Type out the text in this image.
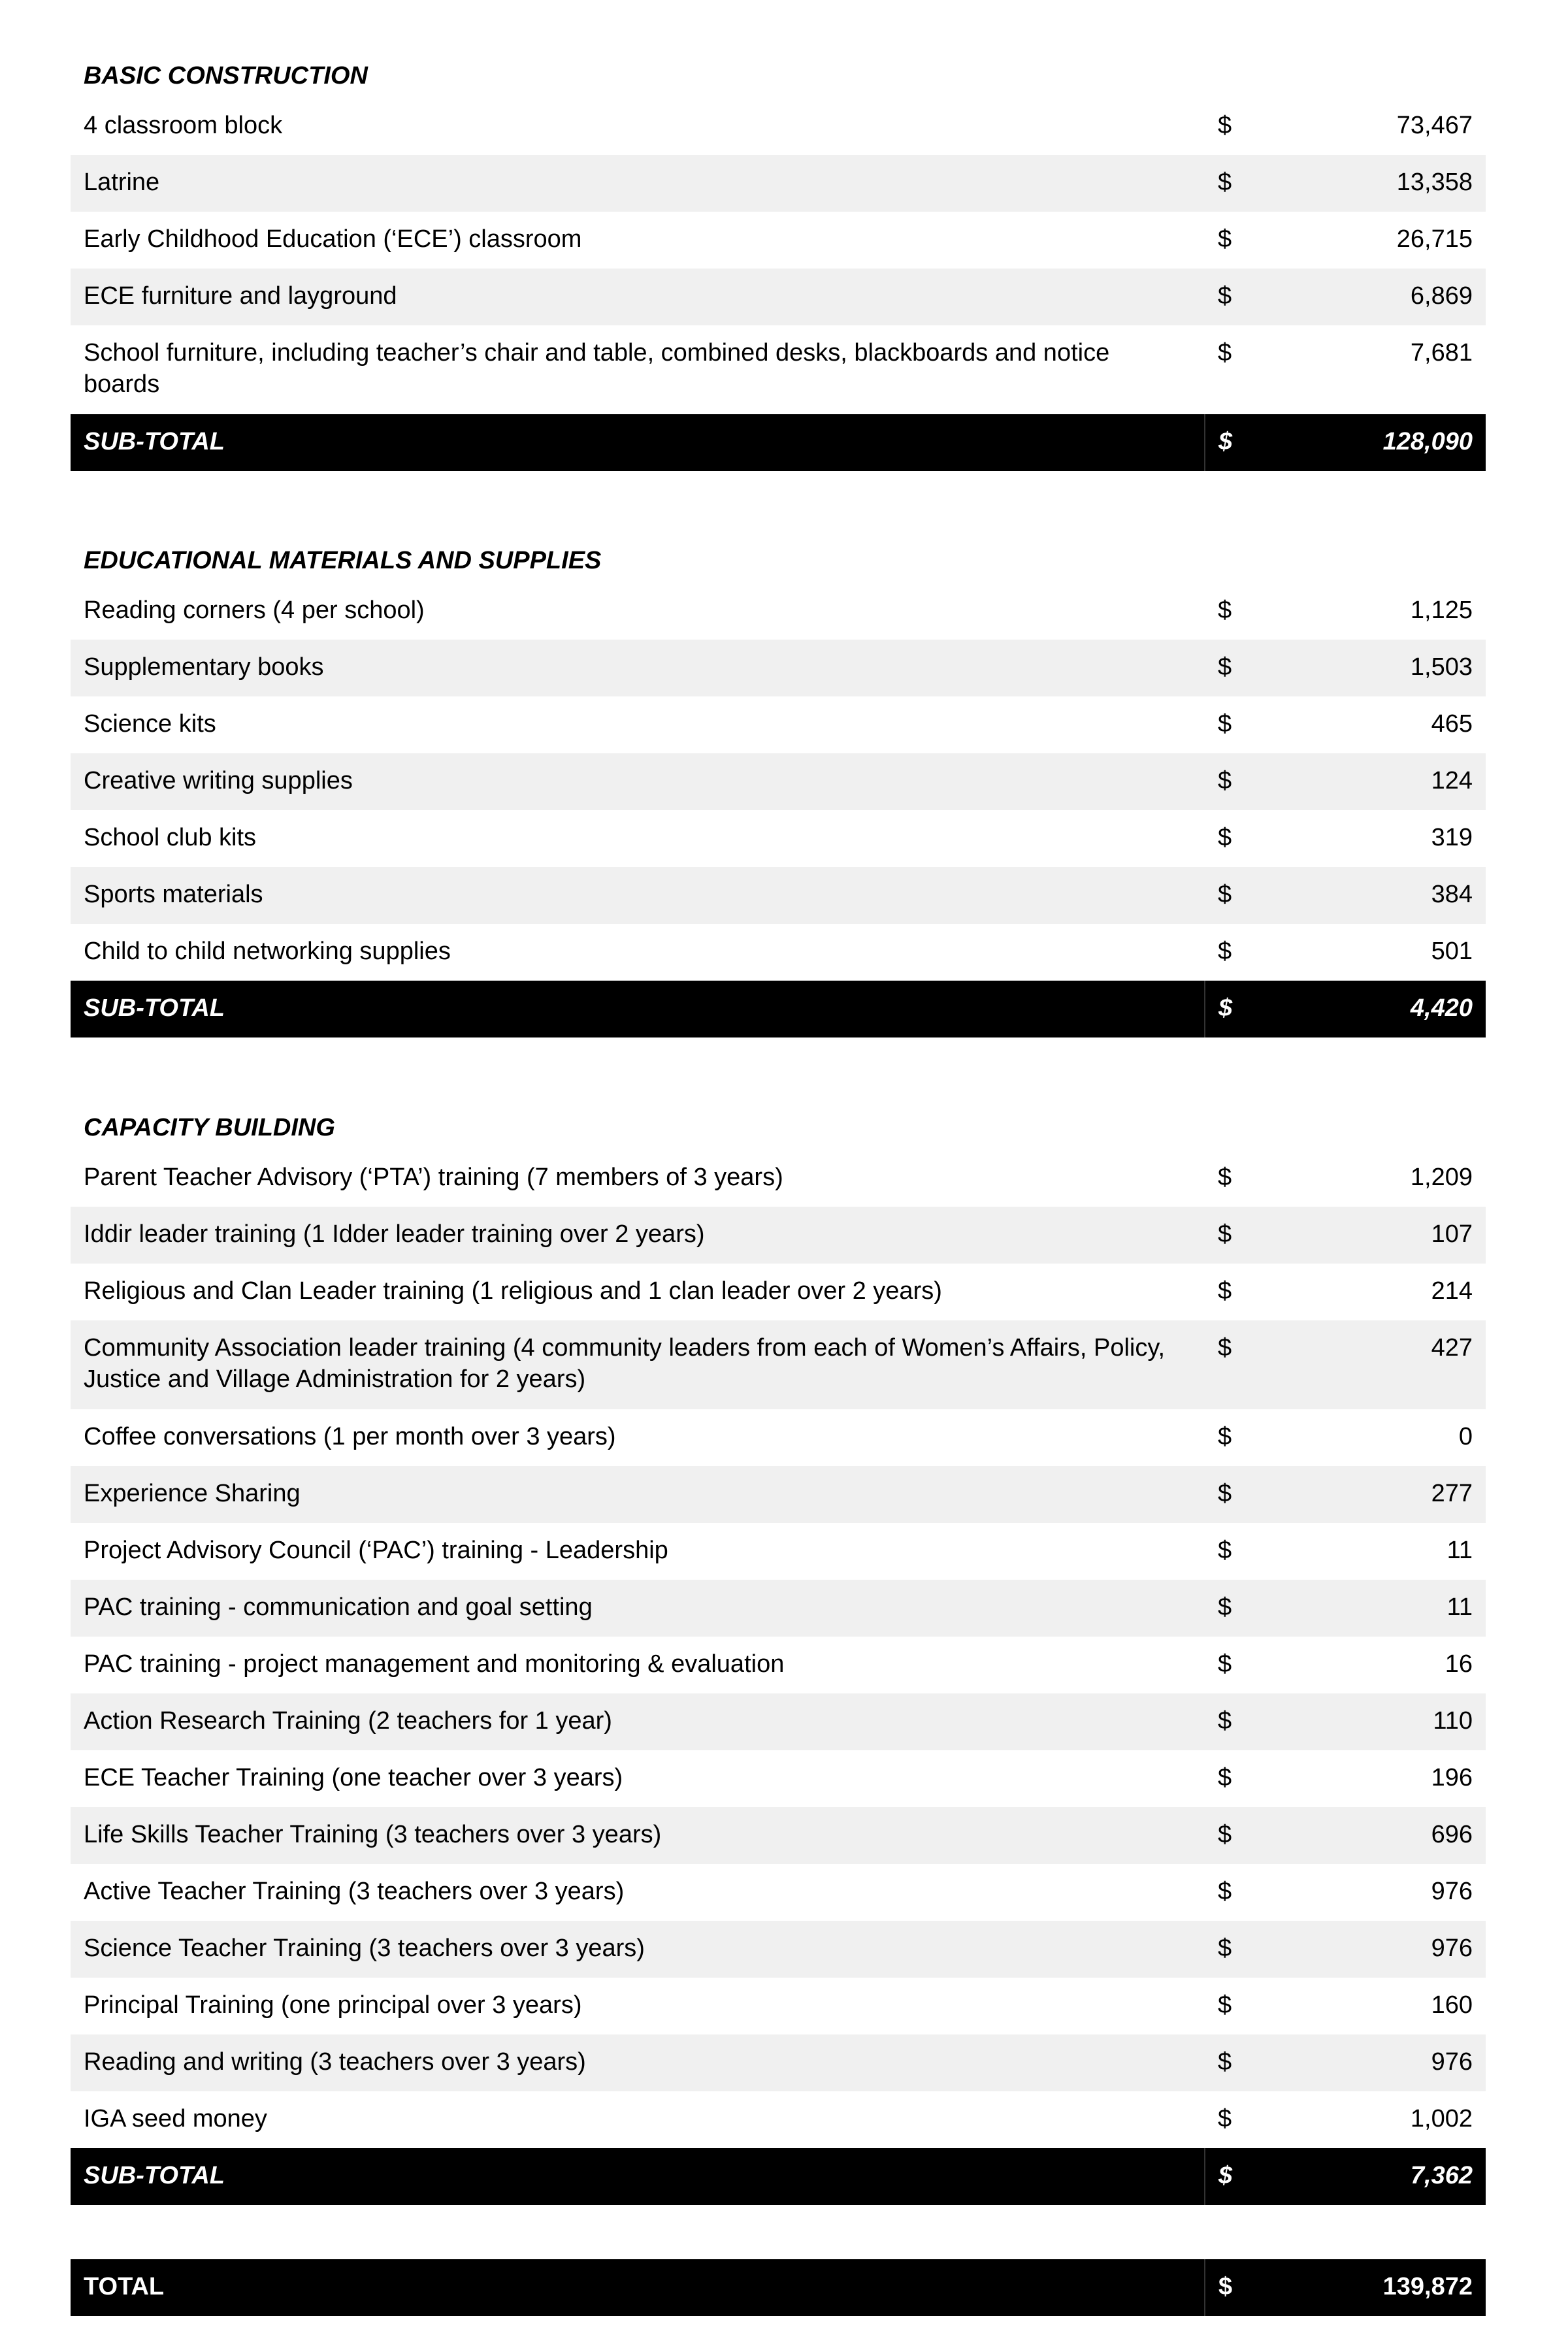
BASIC CONSTRUCTION		
4 classroom block	$	73,467
Latrine	$	13,358
Early Childhood Education (‘ECE’) classroom	$	26,715
ECE furniture and layground	$	6,869
School furniture, including teacher’s chair and table, combined desks, blackboards and notice boards	$	7,681
SUB-TOTAL	$	128,090
EDUCATIONAL MATERIALS AND SUPPLIES		
Reading corners (4 per school)	$	1,125
Supplementary books	$	1,503
Science kits	$	465
Creative writing supplies	$	124
School club kits	$	319
Sports materials	$	384
Child to child networking supplies	$	501
SUB-TOTAL	$	4,420
CAPACITY BUILDING		
Parent Teacher Advisory (‘PTA’) training (7 members of 3 years)	$	1,209
Iddir leader training (1 Idder leader training over 2 years)	$	107
Religious and Clan Leader training (1 religious and 1 clan leader over 2 years)	$	214
Community Association leader training (4 community leaders from each of Women’s Affairs, Policy, Justice and Village Administration for 2 years)	$	427
Coffee conversations (1 per month over 3 years)	$	0
Experience Sharing	$	277
Project Advisory Council (‘PAC’) training - Leadership	$	11
PAC training - communication and goal setting	$	11
PAC training - project management and monitoring & evaluation	$	16
Action Research Training (2 teachers for 1 year)	$	110
ECE Teacher Training (one teacher over 3 years)	$	196
Life Skills Teacher Training (3 teachers over 3 years)	$	696
Active Teacher Training (3 teachers over 3 years)	$	976
Science Teacher Training (3 teachers over 3 years)	$	976
Principal Training (one principal over 3 years)	$	160
Reading and writing (3 teachers over 3 years)	$	976
IGA seed money	$	1,002
SUB-TOTAL	$	7,362
TOTAL	$	139,872
